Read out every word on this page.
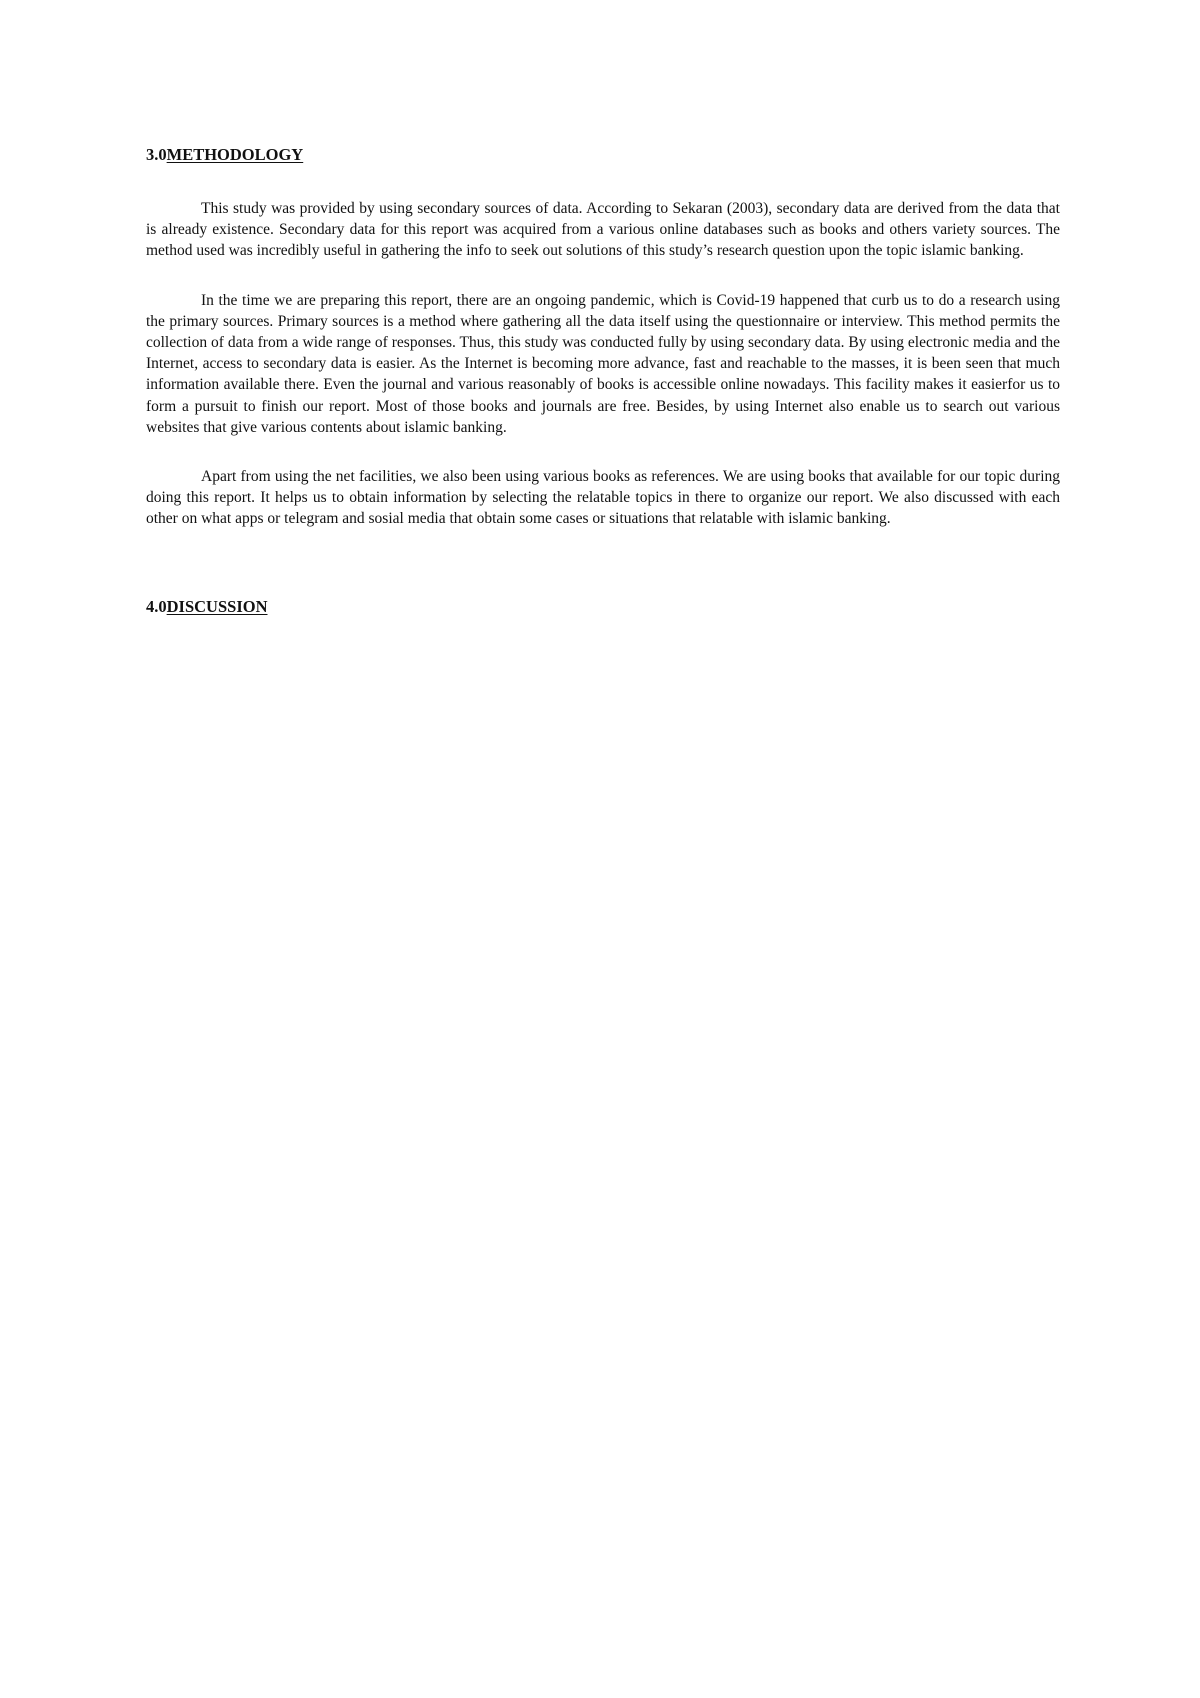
3.0METHODOLOGY

This study was provided by using secondary sources of data. According to Sekaran (2003), secondary data are derived from the data that is already existence. Secondary data for this report was acquired from a various online databases such as books and others variety sources. The method used was incredibly useful in gathering the info to seek out solutions of this study’s research question upon the topic islamic banking.

In the time we are preparing this report, there are an ongoing pandemic, which is Covid-19 happened that curb us to do a research using the primary sources. Primary sources is a method where gathering all the data itself using the questionnaire or interview. This method permits the collection of data from a wide range of responses. Thus, this study was conducted fully by using secondary data. By using electronic media and the Internet, access to secondary data is easier. As the Internet is becoming more advance, fast and reachable to the masses, it is been seen that much information available there. Even the journal and various reasonably of books is accessible online nowadays. This facility makes it easierfor us to form a pursuit to finish our report. Most of those books and journals are free. Besides, by using Internet also enable us to search out various websites that give various contents about islamic banking.

Apart from using the net facilities, we also been using various books as references. We are using books that available for our topic during doing this report. It helps us to obtain information by selecting the relatable topics in there to organize our report. We also discussed with each other on what apps or telegram and sosial media that obtain some cases or situations that relatable with islamic banking.

4.0DISCUSSION
